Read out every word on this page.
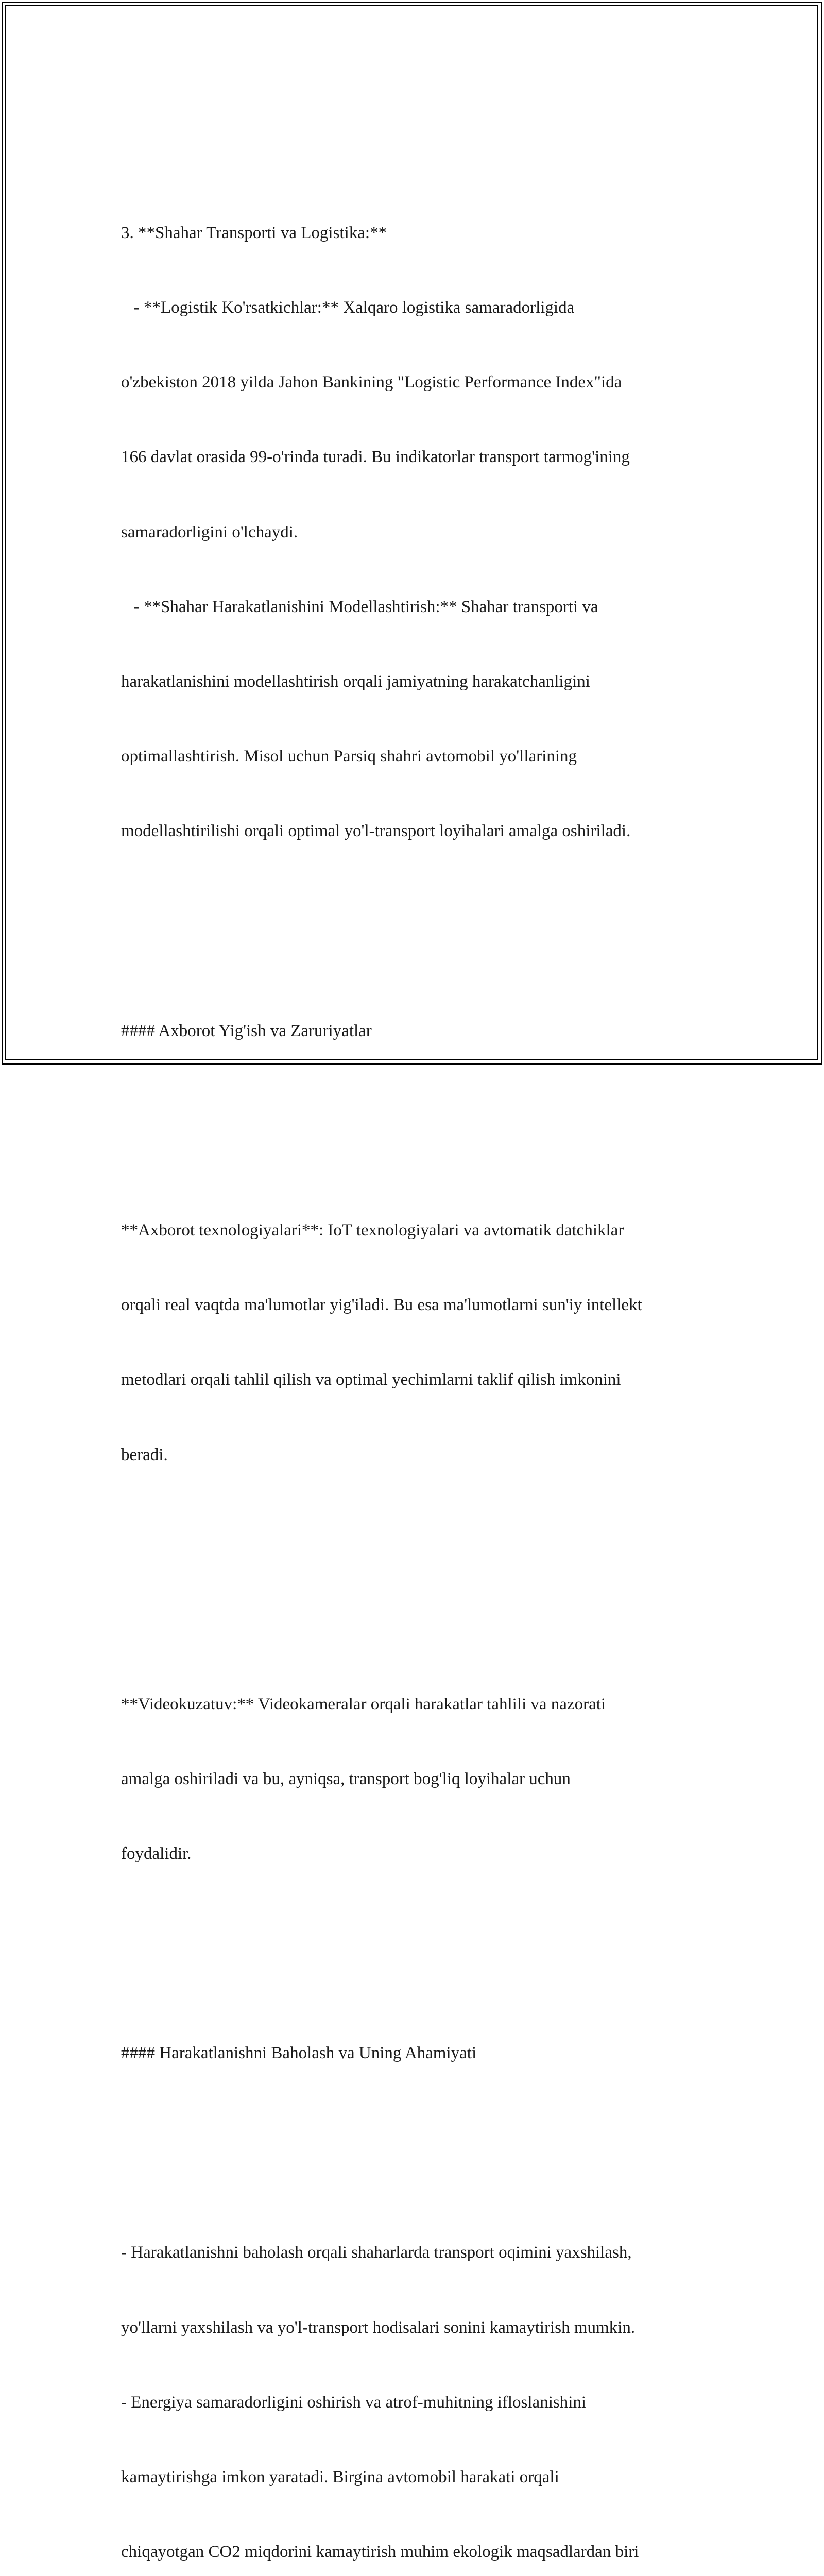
3. **Shahar Transporti va Logistika:**

- **Logistik Ko'rsatkichlar:** Xalqaro logistika samaradorligida

o'zbekiston 2018 yilda Jahon Bankining "Logistic Performance Index"ida

166 davlat orasida 99-o'rinda turadi. Bu indikatorlar transport tarmog'ining

samaradorligini o'lchaydi.

- **Shahar Harakatlanishini Modellashtirish:** Shahar transporti va

harakatlanishini modellashtirish orqali jamiyatning harakatchanligini

optimallashtirish. Misol uchun Parsiq shahri avtomobil yo'llarining

modellashtirilishi orqali optimal yo'l-transport loyihalari amalga oshiriladi.

#### Axborot Yig'ish va Zaruriyatlar

**Axborot texnologiyalari**: IoT texnologiyalari va avtomatik datchiklar

orqali real vaqtda ma'lumotlar yig'iladi. Bu esa ma'lumotlarni sun'iy intellekt

metodlari orqali tahlil qilish va optimal yechimlarni taklif qilish imkonini

beradi.

**Videokuzatuv:** Videokameralar orqali harakatlar tahlili va nazorati

amalga oshiriladi va bu, ayniqsa, transport bog'liq loyihalar uchun

foydalidir.

#### Harakatlanishni Baholash va Uning Ahamiyati

- Harakatlanishni baholash orqali shaharlarda transport oqimini yaxshilash,

yo'llarni yaxshilash va yo'l-transport hodisalari sonini kamaytirish mumkin.

- Energiya samaradorligini oshirish va atrof-muhitning ifloslanishini

kamaytirishga imkon yaratadi. Birgina avtomobil harakati orqali

chiqayotgan CO2 miqdorini kamaytirish muhim ekologik maqsadlardan biri
